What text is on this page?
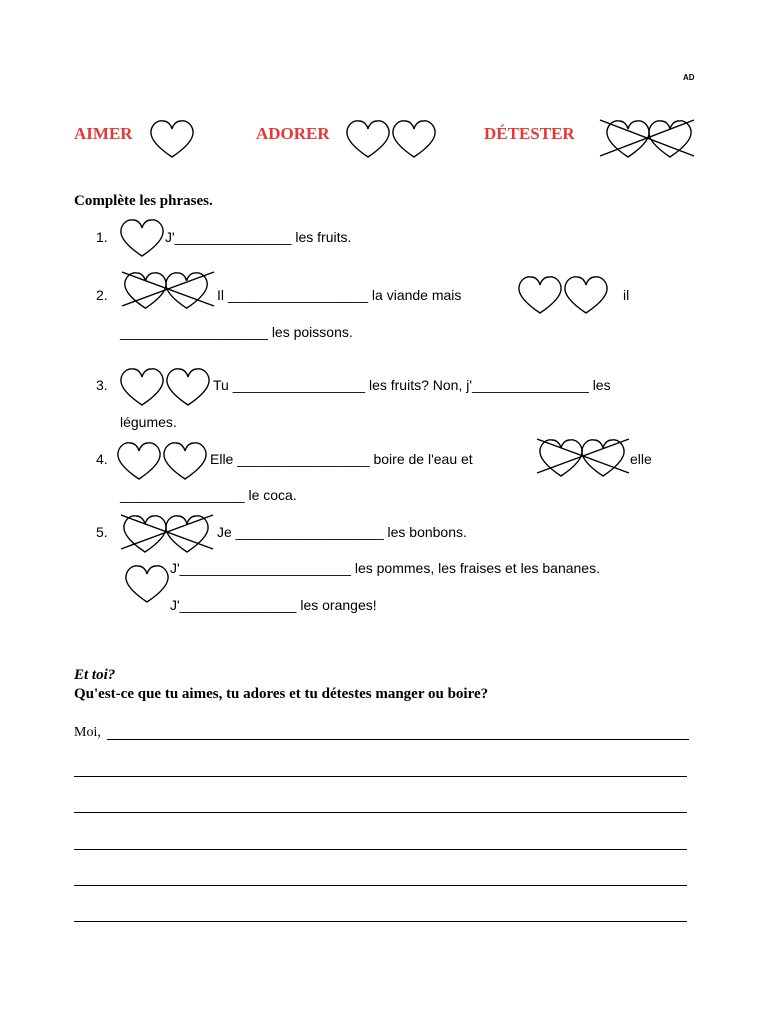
AD
AIMER	ADORER	DÉTESTER
Complète les phrases.
1.	J'_______________ les fruits.
2.	Il __________________ la viande mais	il
___________________ les poissons.
3.	Tu _________________ les fruits? Non, j'_______________ les
légumes.
4.	Elle _________________ boire de l'eau et	elle
________________ le coca.
5.	Je ___________________ les bonbons.
J'______________________ les pommes, les fraises et les bananes.
J'_______________ les oranges!
Et toi?
Qu'est-ce que tu aimes, tu adores et tu détestes manger ou boire?
Moi,
